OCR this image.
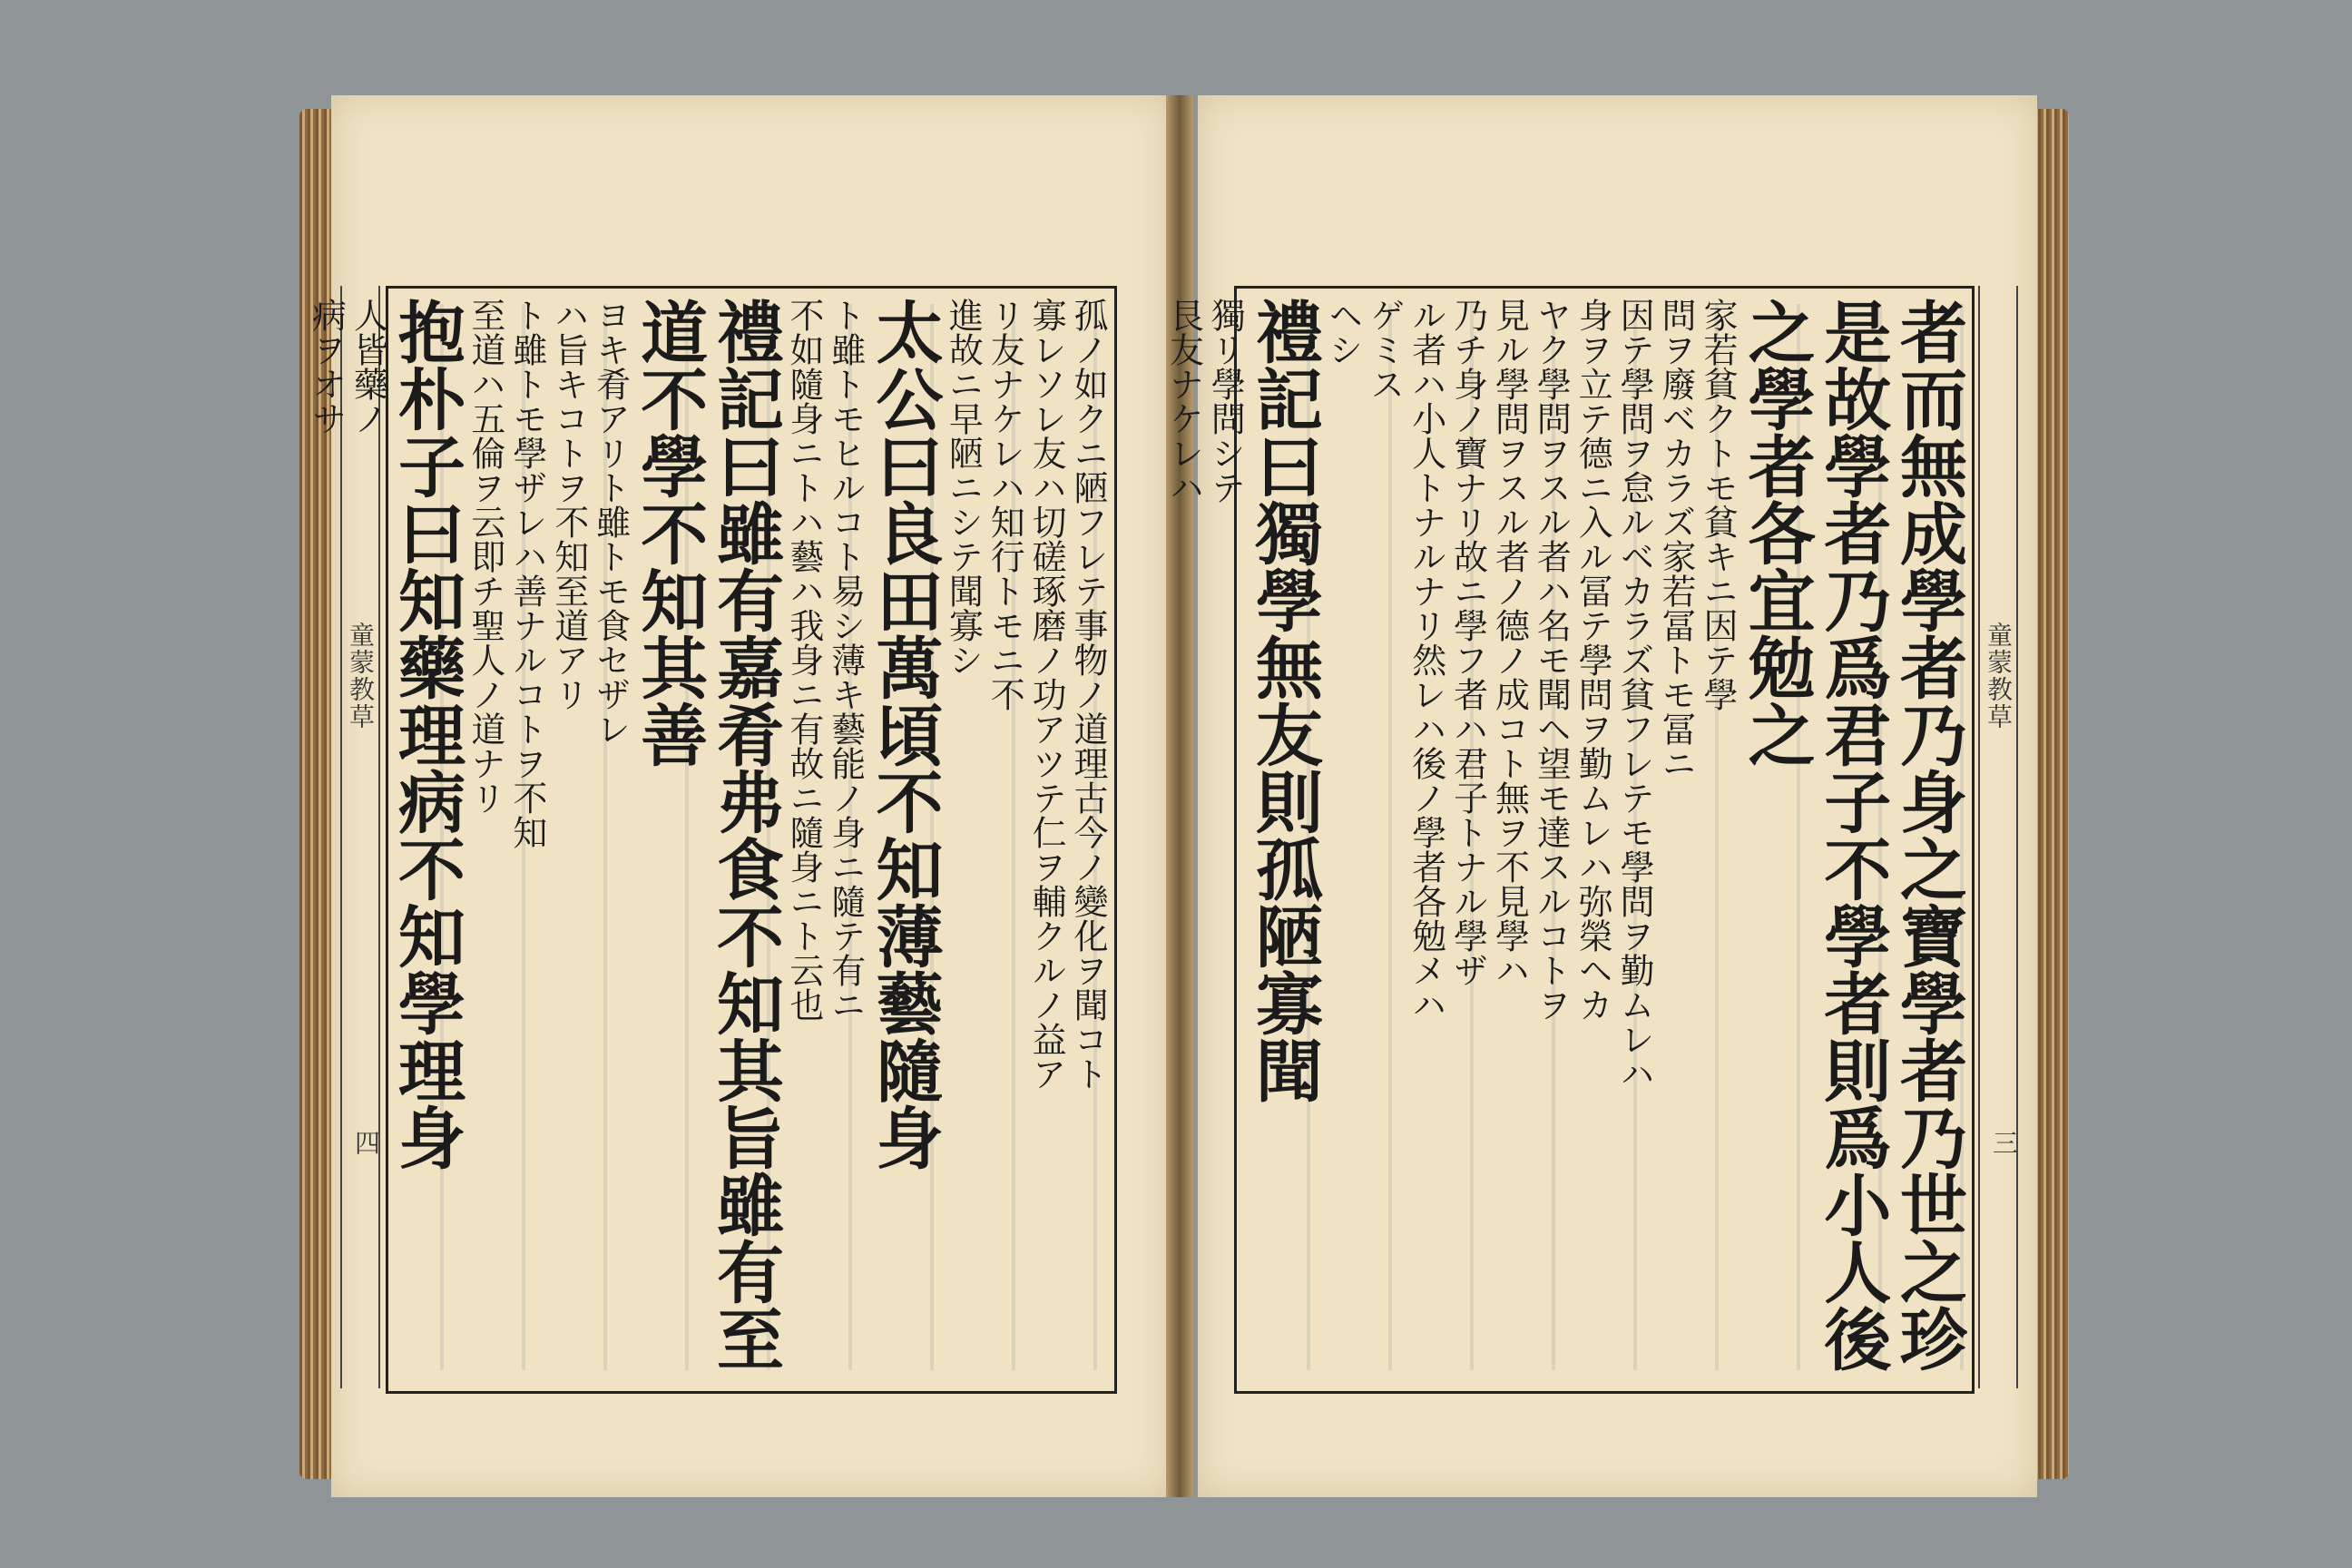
童蒙教草
四
孤ノ如クニ陋フレテ事物ノ道理古今ノ變化ヲ聞コト
寡レソレ友ハ切磋琢磨ノ功アツテ仁ヲ輔クルノ益ア
リ友ナケレハ知行トモニ不
進故ニ早陋ニシテ聞寡シ
太公曰良田萬頃不知薄藝隨身
ト雖トモヒルコト易シ薄キ藝能ノ身ニ隨テ有ニ
不如隨身ニトハ藝ハ我身ニ有故ニ隨身ニト云也
禮記曰雖有嘉肴弗食不知其旨雖有至
道不學不知其善
ヨキ肴アリト雖トモ食セザレ
ハ旨キコトヲ不知至道アリ
ト雖トモ學ザレハ善ナルコトヲ不知
至道ハ五倫ヲ云即チ聖人ノ道ナリ
抱朴子曰知藥理病不知學理身
人皆藥ノ
病ヲオサ	者而無成學者乃身之寶學者乃世之珍
是故學者乃爲君子不學者則爲小人後
之學者各宜勉之
家若貧クトモ貧キニ因テ學
問ヲ廢ベカラズ家若冨トモ冨ニ
因テ學問ヲ怠ルベカラズ貧フレテモ學問ヲ勤ムレハ
身ヲ立テ德ニ入ル冨テ學問ヲ勤ムレハ弥榮ヘカ
ヤク學問ヲスル者ハ名モ聞ヘ望モ達スルコトヲ
見ル學問ヲスル者ノ德ノ成コト無ヲ不見學ハ
乃チ身ノ寶ナリ故ニ學フ者ハ君子トナル學ザ
ル者ハ小人トナルナリ然レハ後ノ學者各勉メハ
ゲミス
ヘシ
禮記曰獨學無友則孤陋寡聞
獨リ學問シテ
艮友ナケレハ
童蒙教草
三
